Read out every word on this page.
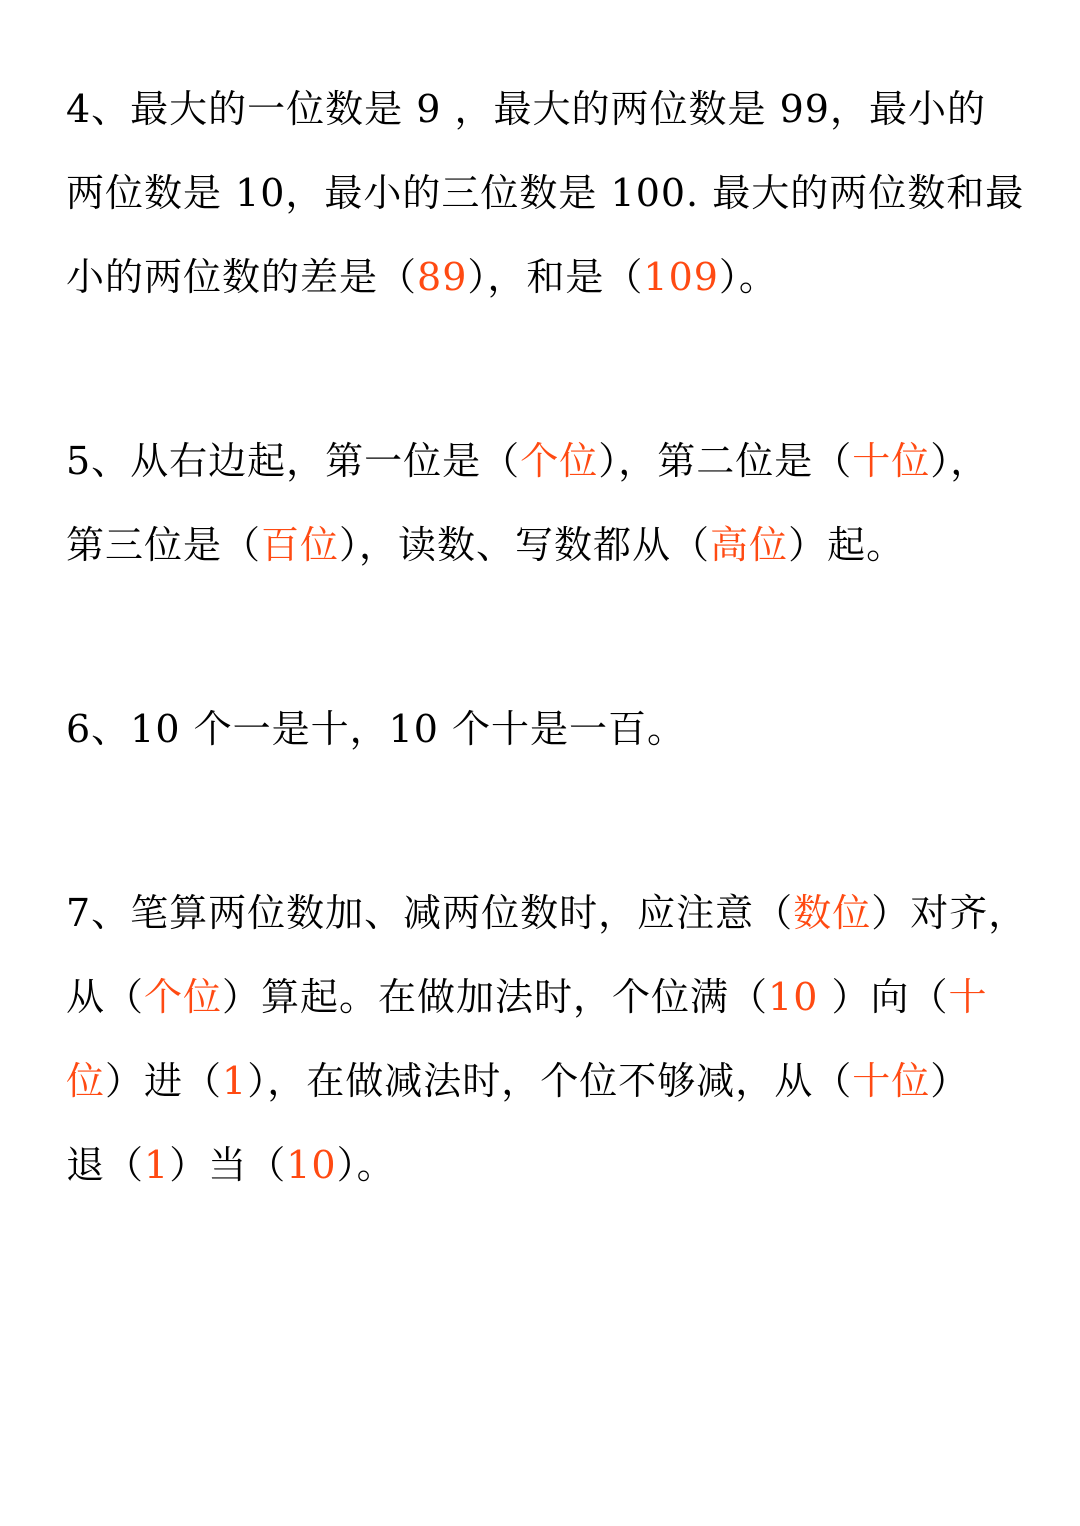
4、最大的一位数是 9 ，最大的两位数是 99，最小的
两位数是 10，最小的三位数是 100. 最大的两位数和最
小的两位数的差是（89），和是（109）。
5、从右边起，第一位是（个位），第二位是（十位），
第三位是（百位），读数、写数都从（高位）起。
6、10 个一是十，10 个十是一百。
7、笔算两位数加、减两位数时，应注意（数位）对齐，
从（个位）算起。在做加法时，个位满（10 ）向（十
位）进（1），在做减法时，个位不够减，从（十位）
退（1）当（10）。
